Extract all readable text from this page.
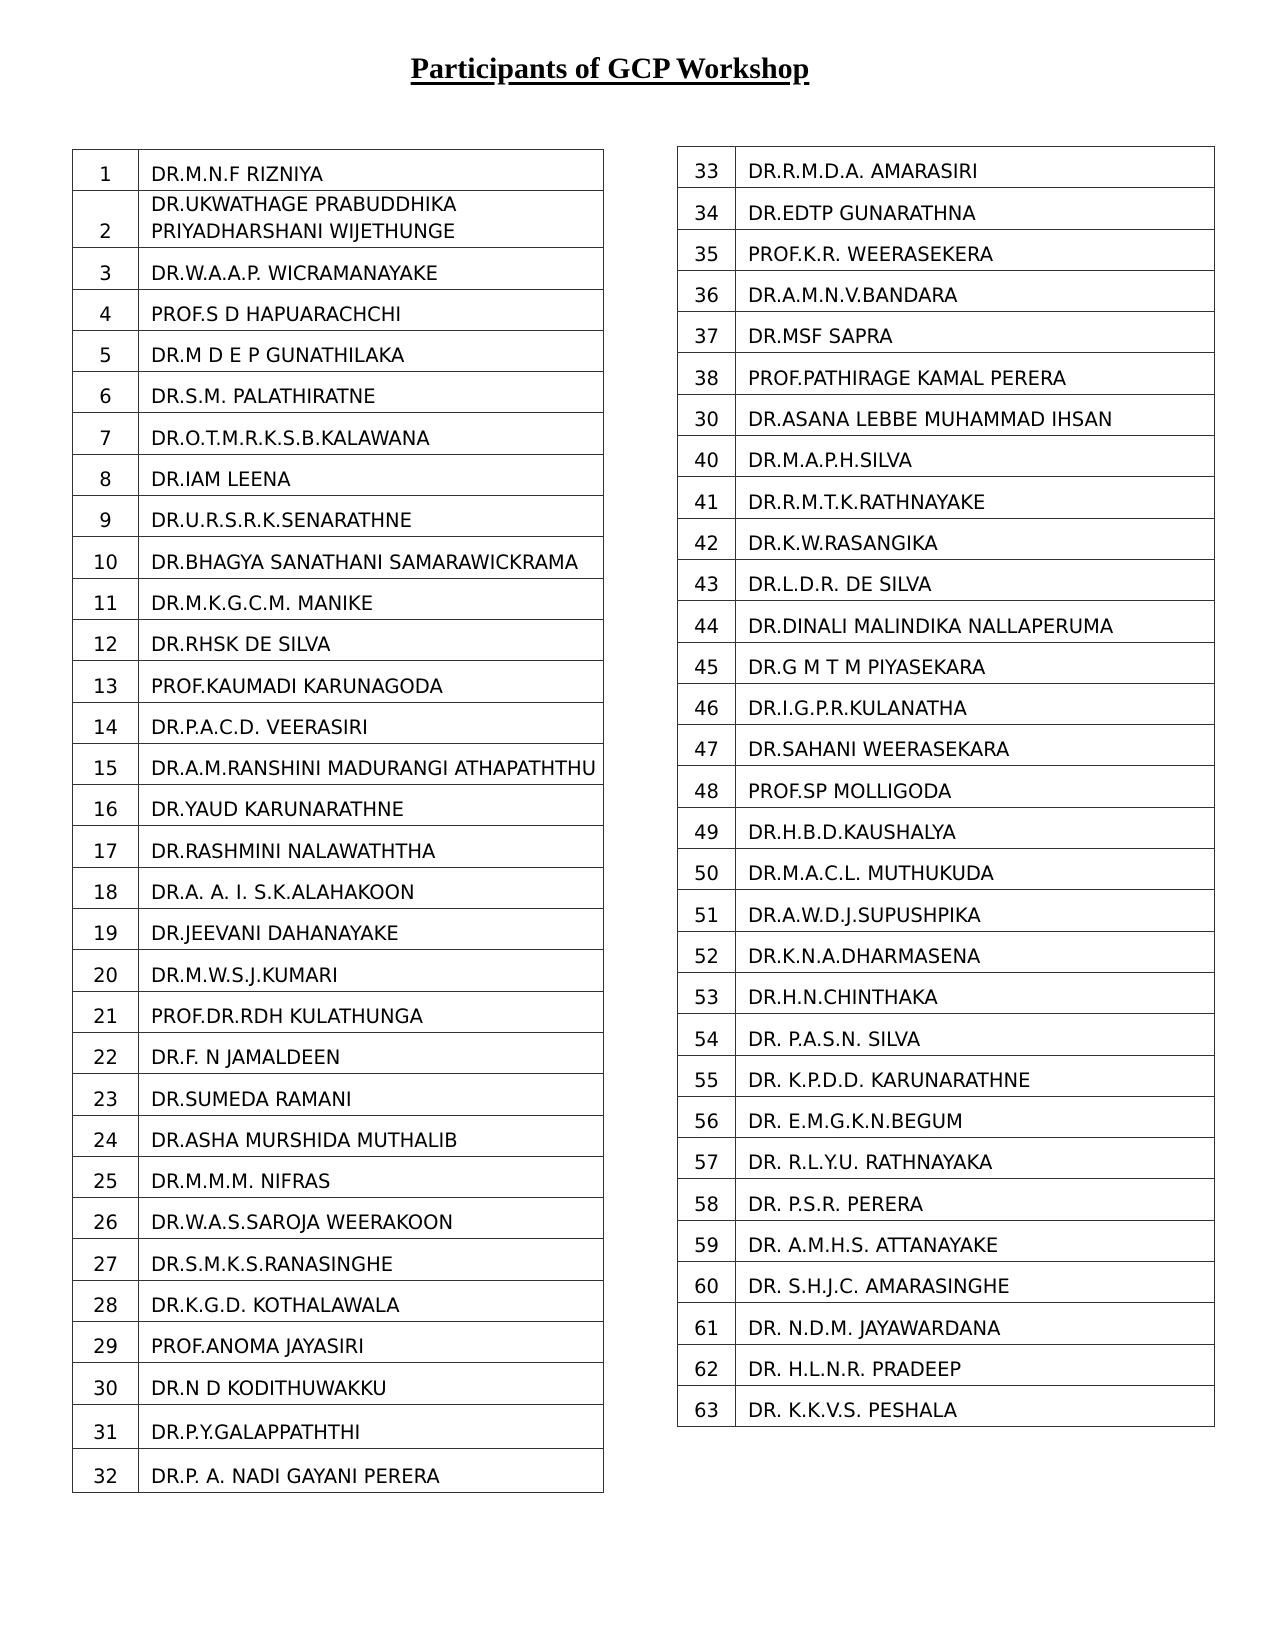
Participants of GCP Workshop
1	DR.M.N.F RIZNIYA
2	DR.UKWATHAGE PRABUDDHIKA PRIYADHARSHANI WIJETHUNGE
3	DR.W.A.A.P. WICRAMANAYAKE
4	PROF.S D HAPUARACHCHI
5	DR.M D E P GUNATHILAKA
6	DR.S.M. PALATHIRATNE
7	DR.O.T.M.R.K.S.B.KALAWANA
8	DR.IAM LEENA
9	DR.U.R.S.R.K.SENARATHNE
10	DR.BHAGYA SANATHANI SAMARAWICKRAMA
11	DR.M.K.G.C.M. MANIKE
12	DR.RHSK DE SILVA
13	PROF.KAUMADI KARUNAGODA
14	DR.P.A.C.D. VEERASIRI
15	DR.A.M.RANSHINI MADURANGI ATHAPATHTHU
16	DR.YAUD KARUNARATHNE
17	DR.RASHMINI NALAWATHTHA
18	DR.A. A. I. S.K.ALAHAKOON
19	DR.JEEVANI DAHANAYAKE
20	DR.M.W.S.J.KUMARI
21	PROF.DR.RDH KULATHUNGA
22	DR.F. N JAMALDEEN
23	DR.SUMEDA RAMANI
24	DR.ASHA MURSHIDA MUTHALIB
25	DR.M.M.M. NIFRAS
26	DR.W.A.S.SAROJA WEERAKOON
27	DR.S.M.K.S.RANASINGHE
28	DR.K.G.D. KOTHALAWALA
29	PROF.ANOMA JAYASIRI
30	DR.N D KODITHUWAKKU
31	DR.P.Y.GALAPPATHTHI
32	DR.P. A. NADI GAYANI PERERA
33	DR.R.M.D.A. AMARASIRI
34	DR.EDTP GUNARATHNA
35	PROF.K.R. WEERASEKERA
36	DR.A.M.N.V.BANDARA
37	DR.MSF SAPRA
38	PROF.PATHIRAGE KAMAL PERERA
30	DR.ASANA LEBBE MUHAMMAD IHSAN
40	DR.M.A.P.H.SILVA
41	DR.R.M.T.K.RATHNAYAKE
42	DR.K.W.RASANGIKA
43	DR.L.D.R. DE SILVA
44	DR.DINALI MALINDIKA NALLAPERUMA
45	DR.G M T M PIYASEKARA
46	DR.I.G.P.R.KULANATHA
47	DR.SAHANI WEERASEKARA
48	PROF.SP MOLLIGODA
49	DR.H.B.D.KAUSHALYA
50	DR.M.A.C.L. MUTHUKUDA
51	DR.A.W.D.J.SUPUSHPIKA
52	DR.K.N.A.DHARMASENA
53	DR.H.N.CHINTHAKA
54	DR. P.A.S.N. SILVA
55	DR. K.P.D.D. KARUNARATHNE
56	DR. E.M.G.K.N.BEGUM
57	DR. R.L.Y.U. RATHNAYAKA
58	DR. P.S.R. PERERA
59	DR. A.M.H.S. ATTANAYAKE
60	DR. S.H.J.C. AMARASINGHE
61	DR. N.D.M. JAYAWARDANA
62	DR. H.L.N.R. PRADEEP
63	DR. K.K.V.S. PESHALA
